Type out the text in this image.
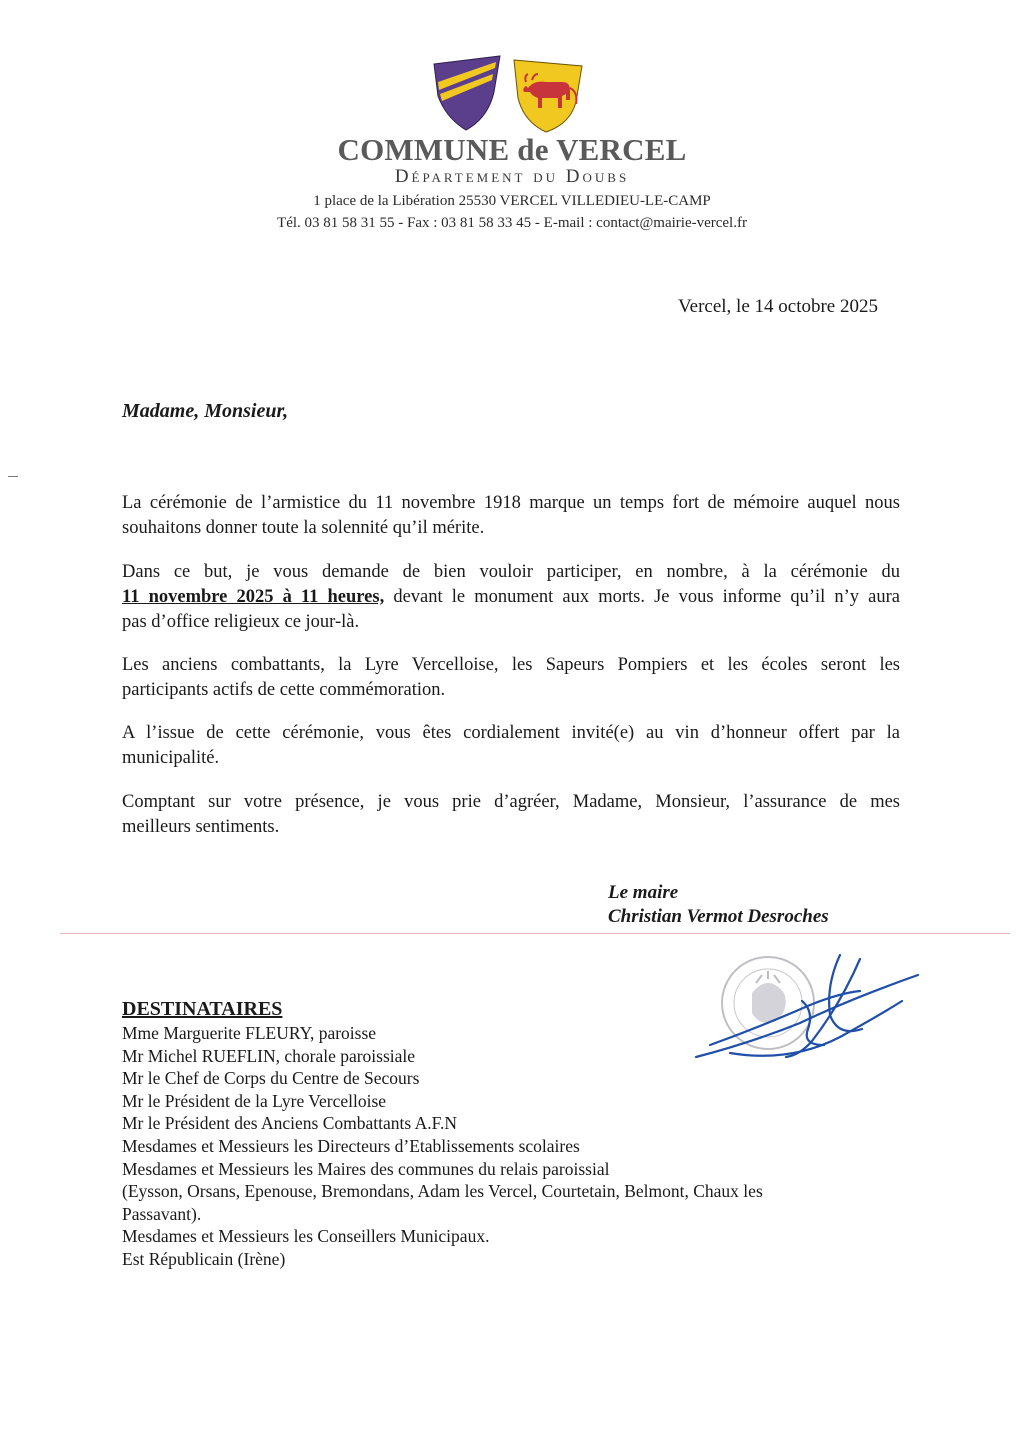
COMMUNE de VERCEL
Département du Doubs
1 place de la Libération 25530 VERCEL VILLEDIEU-LE-CAMP
Tél. 03 81 58 31 55 - Fax : 03 81 58 33 45 - E-mail : contact@mairie-vercel.fr
Vercel, le 14 octobre 2025
Madame, Monsieur,
La cérémonie de l’armistice du 11 novembre 1918 marque un temps fort de mémoire auquel nous
souhaitons donner toute la solennité qu’il mérite.
Dans ce but, je vous demande de bien vouloir participer, en nombre, à la cérémonie du
11 novembre 2025 à 11 heures, devant le monument aux morts. Je vous informe qu’il n’y aura
pas d’office religieux ce jour-là.
Les anciens combattants, la Lyre Vercelloise, les Sapeurs Pompiers et les écoles seront les
participants actifs de cette commémoration.
A l’issue de cette cérémonie, vous êtes cordialement invité(e) au vin d’honneur offert par la
municipalité.
Comptant sur votre présence, je vous prie d’agréer, Madame, Monsieur, l’assurance de mes
meilleurs sentiments.
Le maire
Christian Vermot Desroches
DESTINATAIRES
Mme Marguerite FLEURY, paroisse
Mr Michel RUEFLIN, chorale paroissiale
Mr le Chef de Corps du Centre de Secours
Mr le Président de la Lyre Vercelloise
Mr le Président des Anciens Combattants A.F.N
Mesdames et Messieurs les Directeurs d’Etablissements scolaires
Mesdames et Messieurs les Maires des communes du relais paroissial
(Eysson, Orsans, Epenouse, Bremondans, Adam les Vercel, Courtetain, Belmont, Chaux les
Passavant).
Mesdames et Messieurs les Conseillers Municipaux.
Est Républicain (Irène)
